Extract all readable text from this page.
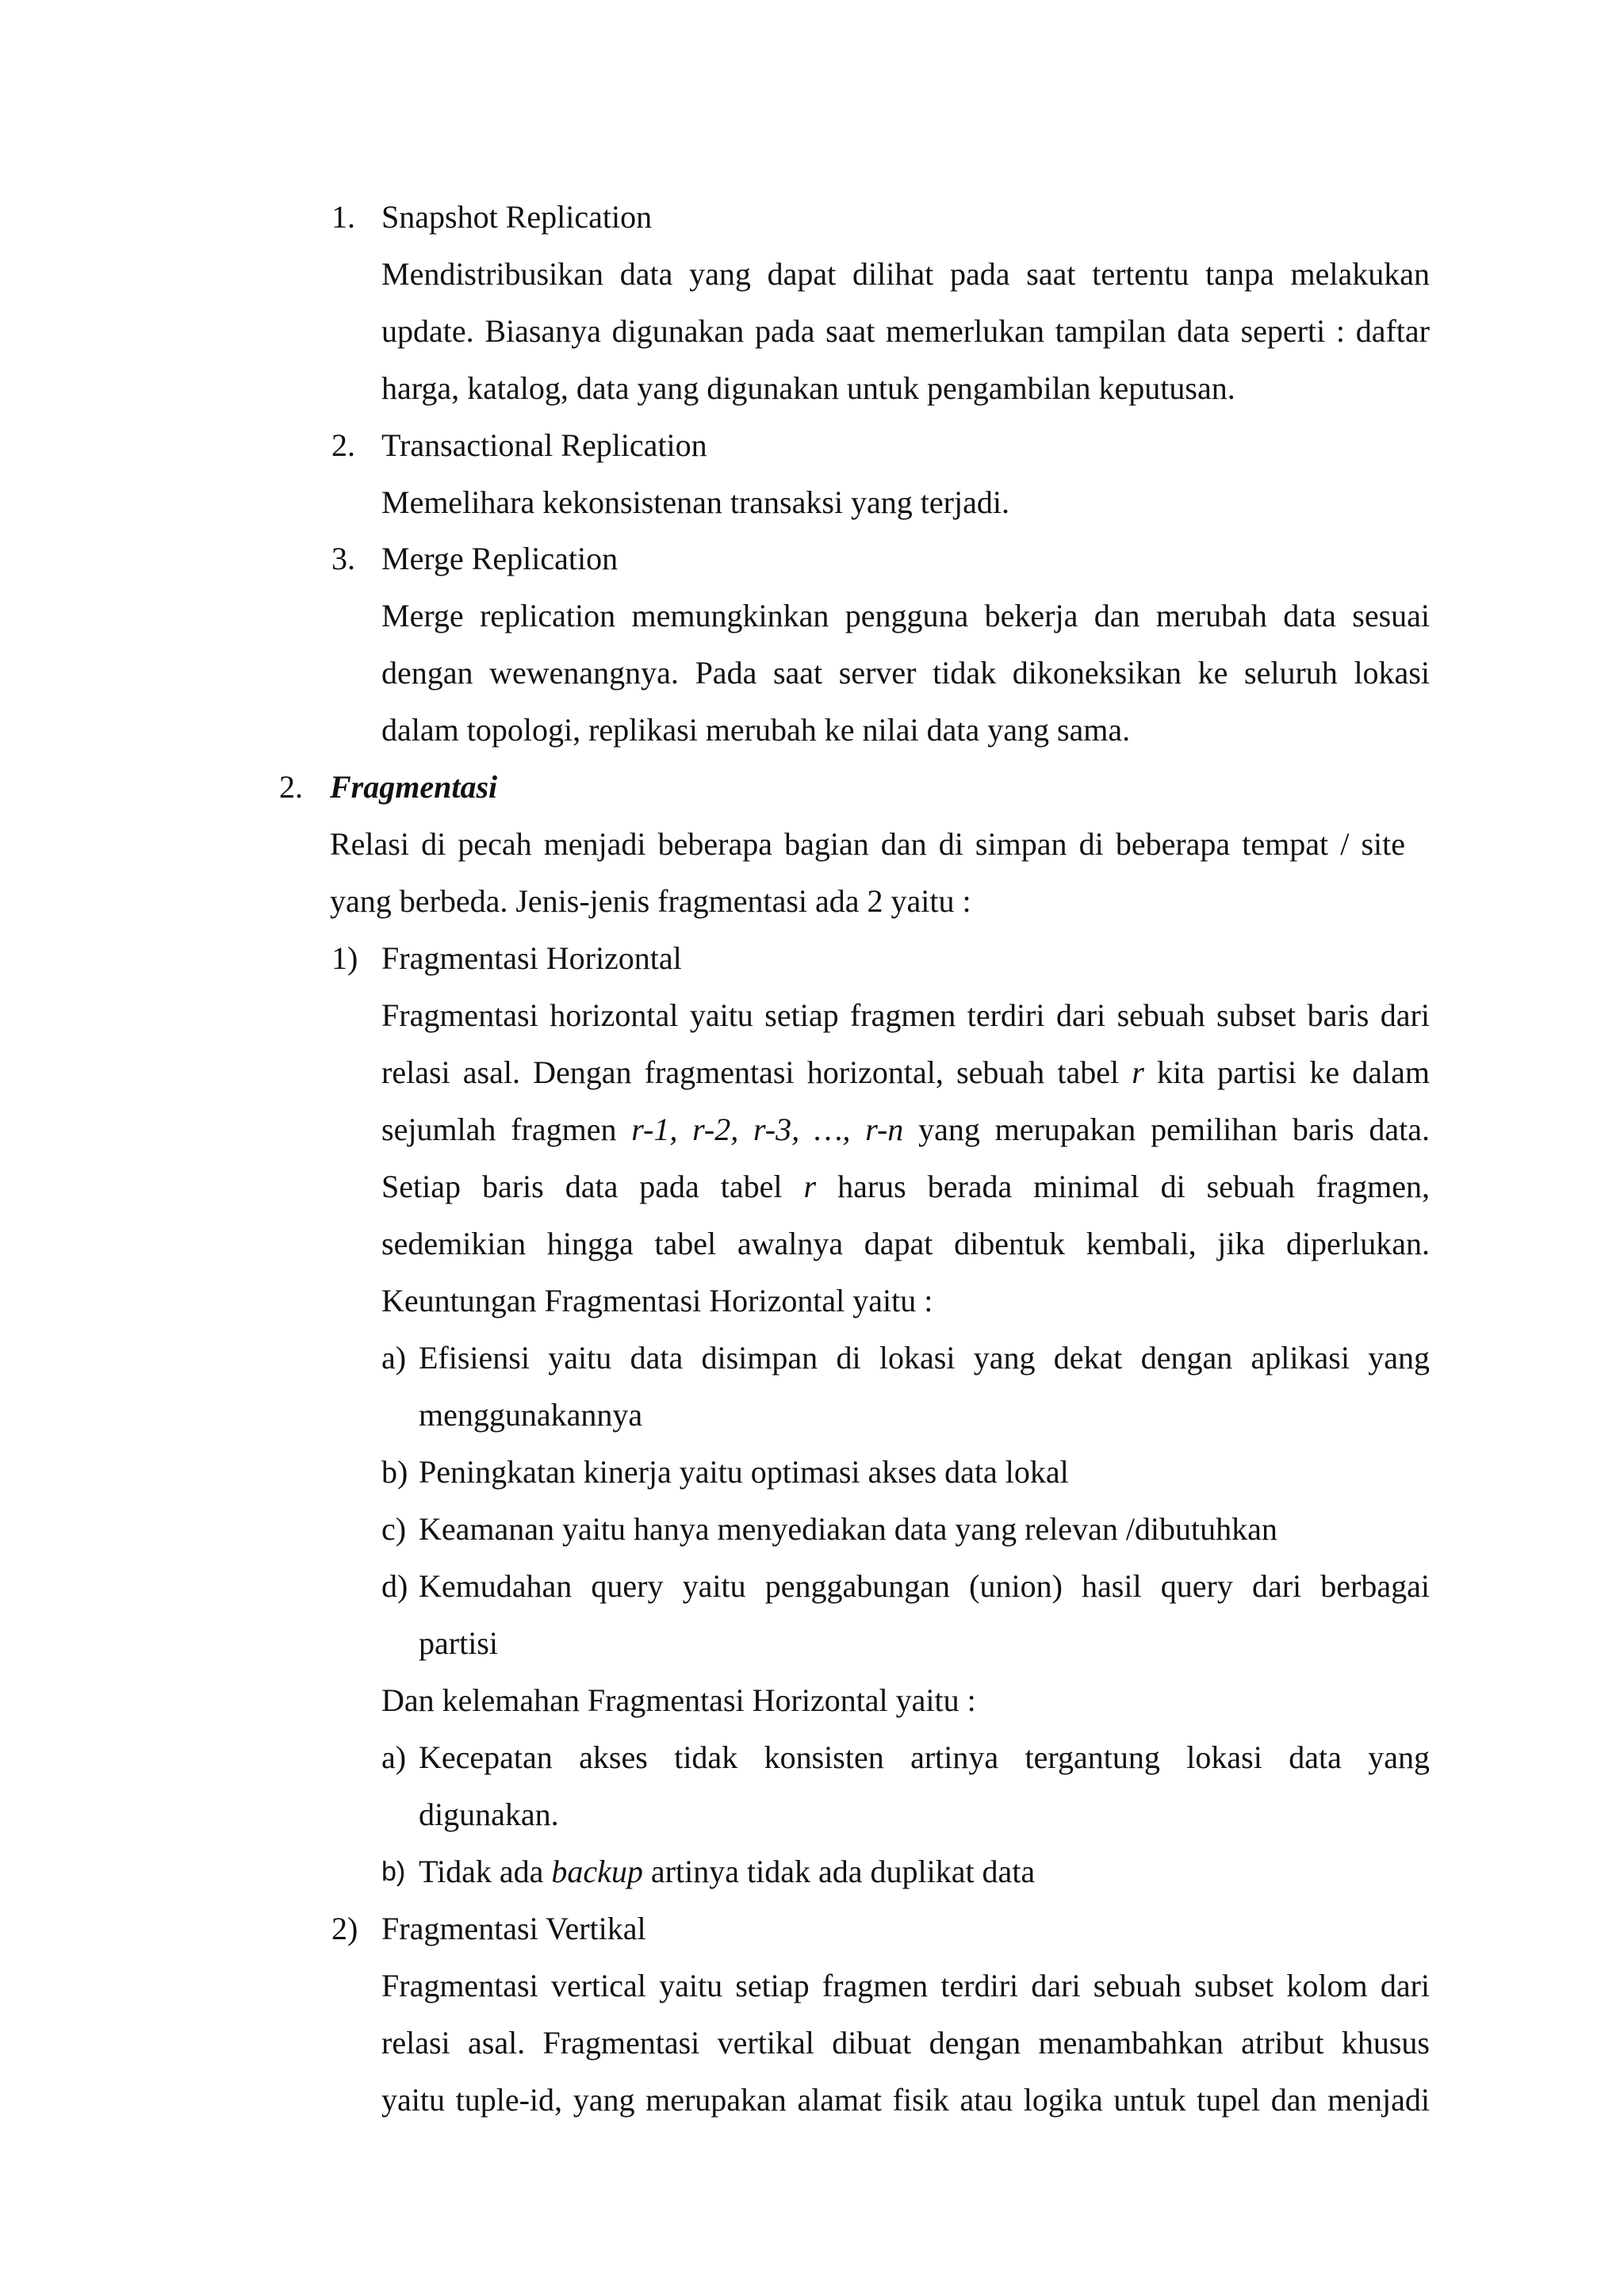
1. Snapshot Replication
Mendistribusikan data yang dapat dilihat pada saat tertentu tanpa melakukan
update. Biasanya digunakan pada saat memerlukan tampilan data seperti : daftar
harga, katalog, data yang digunakan untuk pengambilan keputusan.
2. Transactional Replication
Memelihara kekonsistenan transaksi yang terjadi.
3. Merge Replication
Merge replication memungkinkan pengguna bekerja dan merubah data sesuai
dengan wewenangnya. Pada saat server tidak dikoneksikan ke seluruh lokasi
dalam topologi, replikasi merubah ke nilai data yang sama.
2. Fragmentasi
Relasi di pecah menjadi beberapa bagian dan di simpan di beberapa tempat / site
yang berbeda. Jenis-jenis fragmentasi ada 2 yaitu :
1) Fragmentasi Horizontal
Fragmentasi horizontal yaitu setiap fragmen terdiri dari sebuah subset baris dari
relasi asal. Dengan fragmentasi horizontal, sebuah tabel r kita partisi ke dalam
sejumlah fragmen r-1, r-2, r-3, …, r-n yang merupakan pemilihan baris data.
Setiap baris data pada tabel r harus berada minimal di sebuah fragmen,
sedemikian hingga tabel awalnya dapat dibentuk kembali, jika diperlukan.
Keuntungan Fragmentasi Horizontal yaitu :
a) Efisiensi yaitu data disimpan di lokasi yang dekat dengan aplikasi yang
menggunakannya
b) Peningkatan kinerja yaitu optimasi akses data lokal
c) Keamanan yaitu hanya menyediakan data yang relevan /dibutuhkan
d) Kemudahan query yaitu penggabungan (union) hasil query dari berbagai
partisi
Dan kelemahan Fragmentasi Horizontal yaitu :
a) Kecepatan akses tidak konsisten artinya tergantung lokasi data yang
digunakan.
b) Tidak ada backup artinya tidak ada duplikat data
2) Fragmentasi Vertikal
Fragmentasi vertical yaitu setiap fragmen terdiri dari sebuah subset kolom dari
relasi asal. Fragmentasi vertikal dibuat dengan menambahkan atribut khusus
yaitu tuple-id, yang merupakan alamat fisik atau logika untuk tupel dan menjadi
